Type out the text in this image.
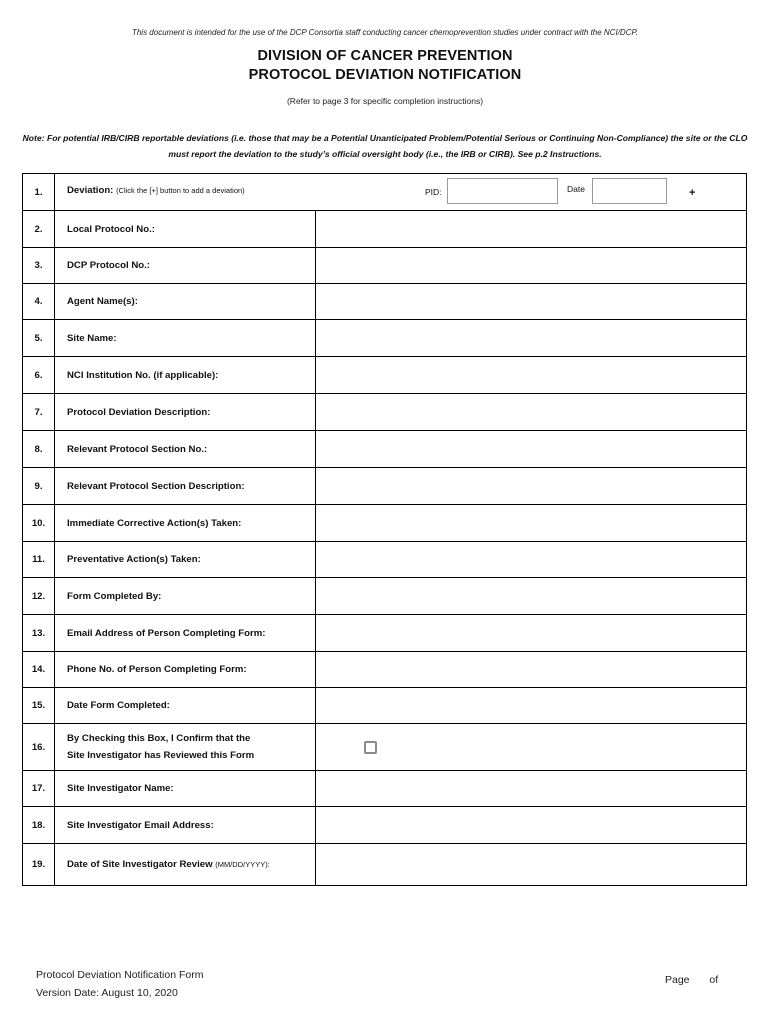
This document is intended for the use of the DCP Consortia staff conducting cancer chemoprevention studies under contract with the NCI/DCP.
DIVISION OF CANCER PREVENTION
PROTOCOL DEVIATION NOTIFICATION
(Refer to page 3 for specific completion instructions)
Note: For potential IRB/CIRB reportable deviations (i.e. those that may be a Potential Unanticipated Problem/Potential Serious or Continuing Non-Compliance) the site or the CLO must report the deviation to the study’s official oversight body (i.e., the IRB or CIRB). See p.2 Instructions.
1.	Deviation: (Click the [+] button to add a deviation) PID: Date +	

2.	Local Protocol No.:	
3.	DCP Protocol No.:	
4.	Agent Name(s):	
5.	Site Name:	
6.	NCI Institution No. (if applicable):	
7.	Protocol Deviation Description:	
8.	Relevant Protocol Section No.:	
9.	Relevant Protocol Section Description:	
10.	Immediate Corrective Action(s) Taken:	
11.	Preventative Action(s) Taken:	
12.	Form Completed By:	
13.	Email Address of Person Completing Form:	
14.	Phone No. of Person Completing Form:	
15.	Date Form Completed:	
16.	By Checking this Box, I Confirm that the
Site Investigator has Reviewed this Form	

17.	Site Investigator Name:	
18.	Site Investigator Email Address:	
19.	Date of Site Investigator Review (MM/DD/YYYY):	
Protocol Deviation Notification Form
Version Date: August 10, 2020
Page of
